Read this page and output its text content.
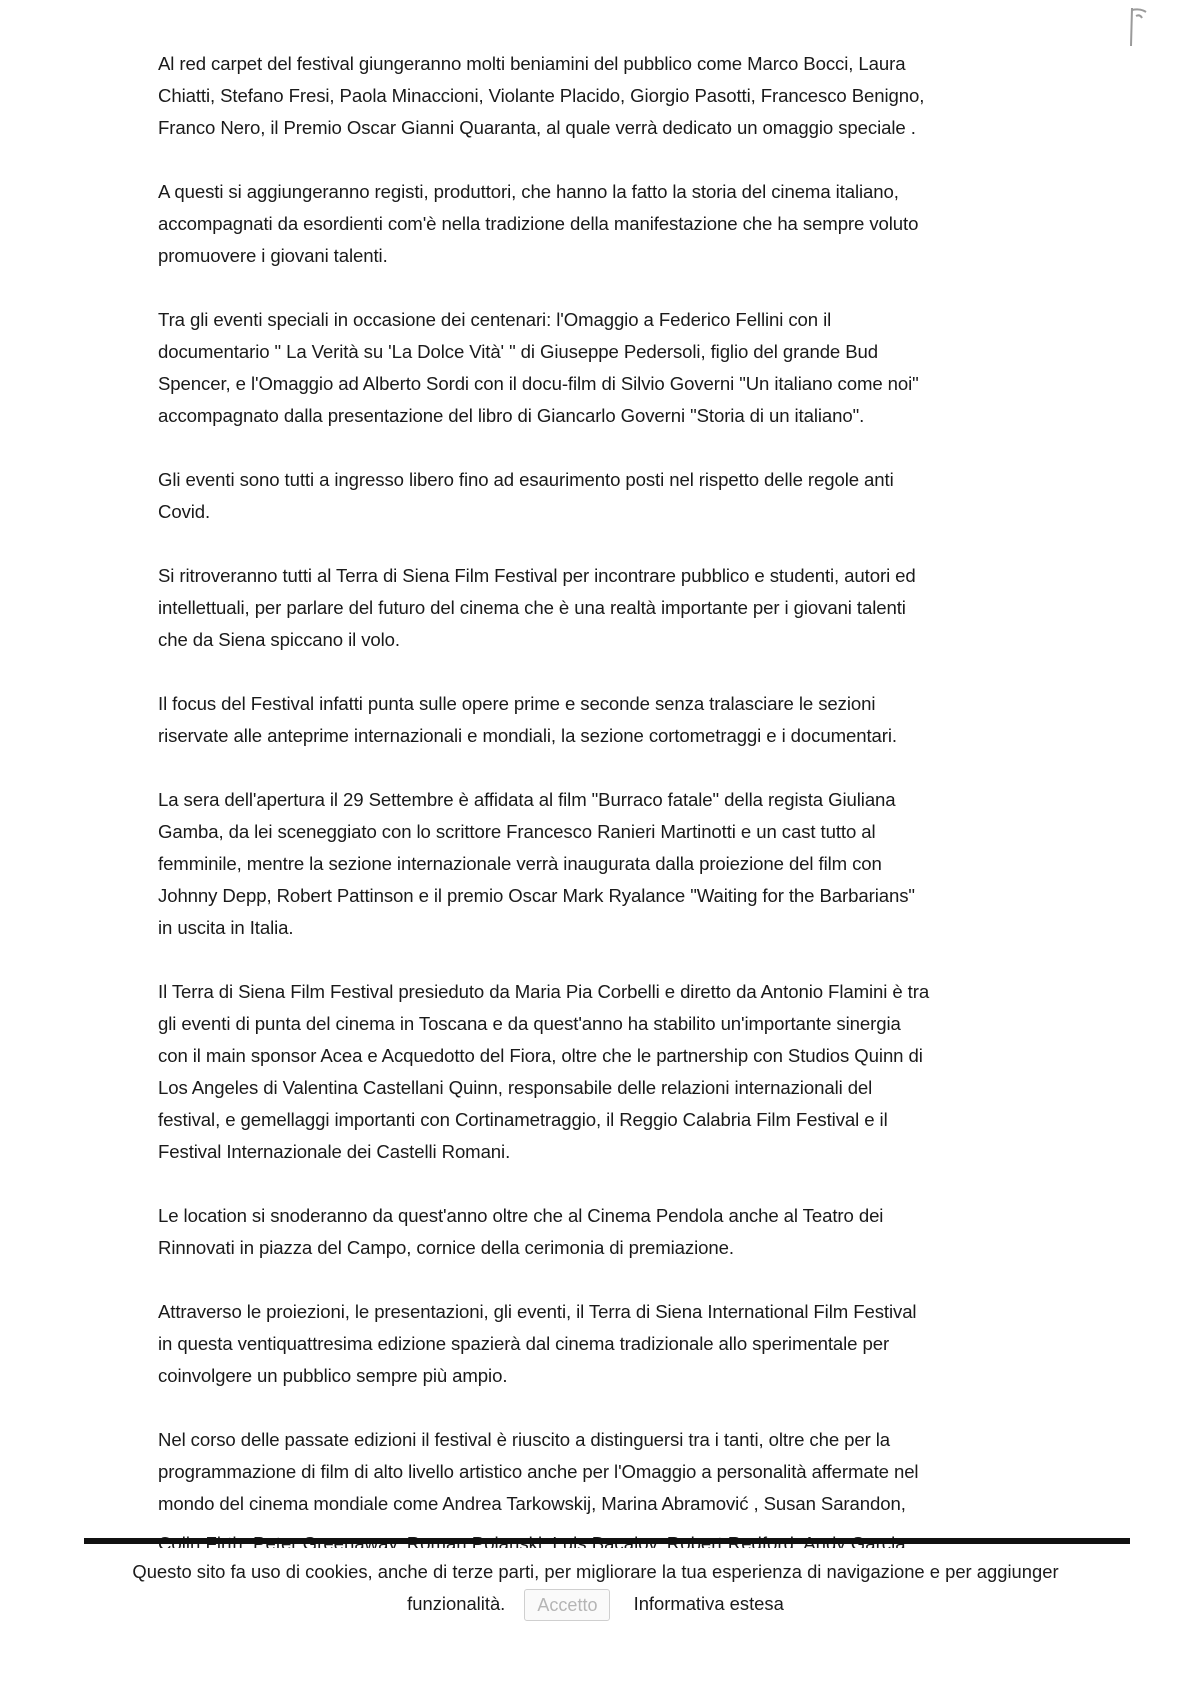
Al red carpet del festival giungeranno molti beniamini del pubblico come Marco Bocci, Laura
Chiatti, Stefano Fresi, Paola Minaccioni, Violante Placido, Giorgio Pasotti, Francesco Benigno,
Franco Nero, il Premio Oscar Gianni Quaranta, al quale verrà dedicato un omaggio speciale .

A questi si aggiungeranno registi, produttori, che hanno la fatto la storia del cinema italiano,
accompagnati da esordienti com'è nella tradizione della manifestazione che ha sempre voluto
promuovere i giovani talenti.

Tra gli eventi speciali in occasione dei centenari: l'Omaggio a Federico Fellini con il
documentario " La Verità su 'La Dolce Vità' " di Giuseppe Pedersoli, figlio del grande Bud
Spencer, e l'Omaggio ad Alberto Sordi con il docu-film di Silvio Governi "Un italiano come noi"
accompagnato dalla presentazione del libro di Giancarlo Governi "Storia di un italiano".

Gli eventi sono tutti a ingresso libero fino ad esaurimento posti nel rispetto delle regole anti
Covid.

Si ritroveranno tutti al Terra di Siena Film Festival per incontrare pubblico e studenti, autori ed
intellettuali, per parlare del futuro del cinema che è una realtà importante per i giovani talenti
che da Siena spiccano il volo.

Il focus del Festival infatti punta sulle opere prime e seconde senza tralasciare le sezioni
riservate alle anteprime internazionali e mondiali, la sezione cortometraggi e i documentari.

La sera dell'apertura il 29 Settembre è affidata al film "Burraco fatale" della regista Giuliana
Gamba, da lei sceneggiato con lo scrittore Francesco Ranieri Martinotti e un cast tutto al
femminile, mentre la sezione internazionale verrà inaugurata dalla proiezione del film con
Johnny Depp, Robert Pattinson e il premio Oscar Mark Ryalance "Waiting for the Barbarians"
in uscita in Italia.

Il Terra di Siena Film Festival presieduto da Maria Pia Corbelli e diretto da Antonio Flamini è tra
gli eventi di punta del cinema in Toscana e da quest'anno ha stabilito un'importante sinergia
con il main sponsor Acea e Acquedotto del Fiora, oltre che le partnership con Studios Quinn di
Los Angeles di Valentina Castellani Quinn, responsabile delle relazioni internazionali del
festival, e gemellaggi importanti con Cortinametraggio, il Reggio Calabria Film Festival e il
Festival Internazionale dei Castelli Romani.

Le location si snoderanno da quest'anno oltre che al Cinema Pendola anche al Teatro dei
Rinnovati in piazza del Campo, cornice della cerimonia di premiazione.

Attraverso le proiezioni, le presentazioni, gli eventi, il Terra di Siena International Film Festival
in questa ventiquattresima edizione spazierà dal cinema tradizionale allo sperimentale per
coinvolgere un pubblico sempre più ampio.

Nel corso delle passate edizioni il festival è riuscito a distinguersi tra i tanti, oltre che per la
programmazione di film di alto livello artistico anche per l'Omaggio a personalità affermate nel
mondo del cinema mondiale come Andrea Tarkowskij, Marina Abramović , Susan Sarandon,

Questo sito fa uso di cookies, anche di terze parti, per migliorare la tua esperienza di navigazione e per aggiunger
funzionalità. Accetto Informativa estesa
